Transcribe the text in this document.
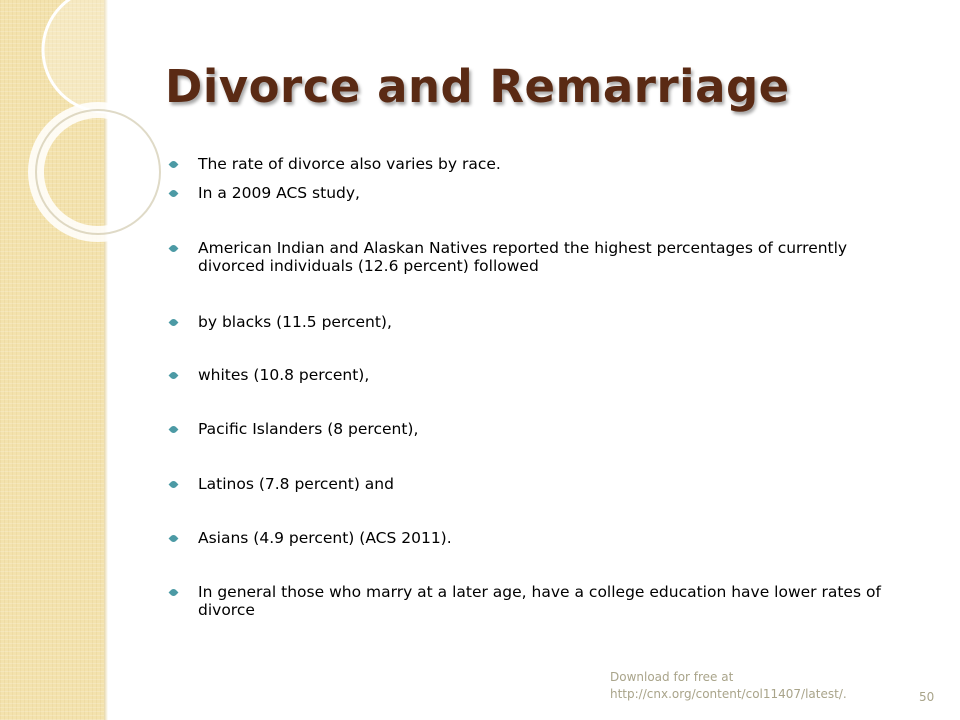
Divorce and Remarriage
The rate of divorce also varies by race.
In a 2009 ACS study,
American Indian and Alaskan Natives reported the highest percentages of currently divorced individuals (12.6 percent) followed
by blacks (11.5 percent),
whites (10.8 percent),
Pacific Islanders (8 percent),
Latinos (7.8 percent) and
Asians (4.9 percent) (ACS 2011).
In general those who marry at a later age, have a college education have lower rates of divorce
Download for free at
http://cnx.org/content/col11407/latest/.	50
